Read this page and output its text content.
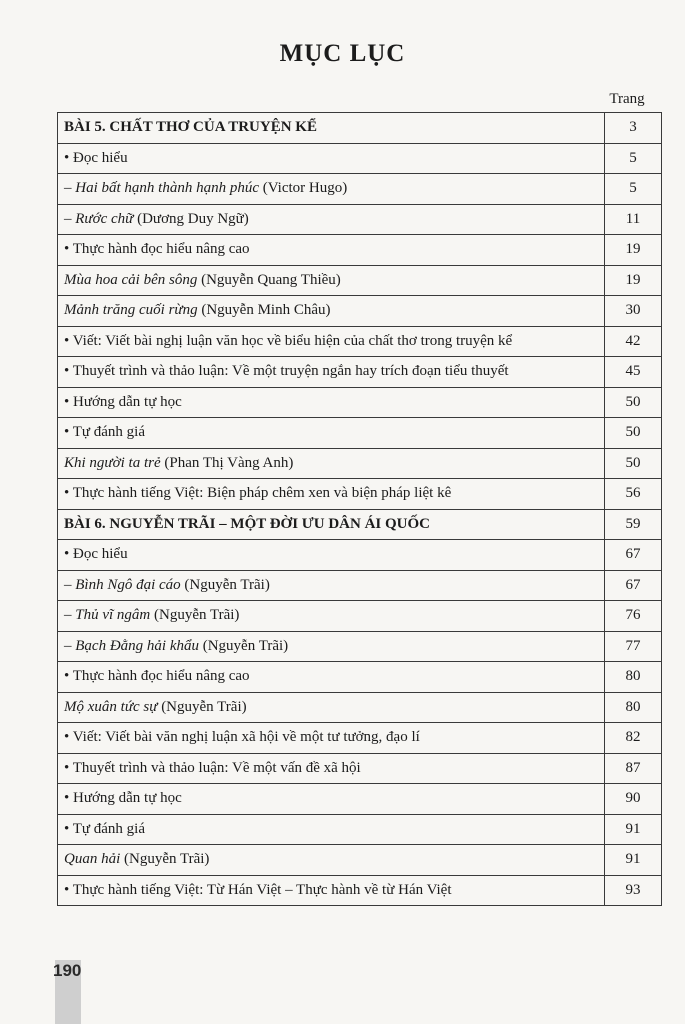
MỤC LỤC
Trang
BÀI 5. CHẤT THƠ CỦA TRUYỆN KỂ	3
• Đọc hiểu	5
– Hai bất hạnh thành hạnh phúc (Victor Hugo)	5
– Rước chữ (Dương Duy Ngữ)	11
• Thực hành đọc hiểu nâng cao	19
Mùa hoa cải bên sông (Nguyễn Quang Thiều)	19
Mảnh trăng cuối rừng (Nguyễn Minh Châu)	30
• Viết: Viết bài nghị luận văn học về biểu hiện của chất thơ trong truyện kể	42
• Thuyết trình và thảo luận: Về một truyện ngắn hay trích đoạn tiểu thuyết	45
• Hướng dẫn tự học	50
• Tự đánh giá	50
Khi người ta trẻ (Phan Thị Vàng Anh)	50
• Thực hành tiếng Việt: Biện pháp chêm xen và biện pháp liệt kê	56
BÀI 6. NGUYỄN TRÃI – MỘT ĐỜI ƯU DÂN ÁI QUỐC	59
• Đọc hiểu	67
– Bình Ngô đại cáo (Nguyễn Trãi)	67
– Thủ vĩ ngâm (Nguyễn Trãi)	76
– Bạch Đằng hải khẩu (Nguyễn Trãi)	77
• Thực hành đọc hiểu nâng cao	80
Mộ xuân tức sự (Nguyễn Trãi)	80
• Viết: Viết bài văn nghị luận xã hội về một tư tưởng, đạo lí	82
• Thuyết trình và thảo luận: Về một vấn đề xã hội	87
• Hướng dẫn tự học	90
• Tự đánh giá	91
Quan hải (Nguyễn Trãi)	91
• Thực hành tiếng Việt: Từ Hán Việt – Thực hành về từ Hán Việt	93
190
